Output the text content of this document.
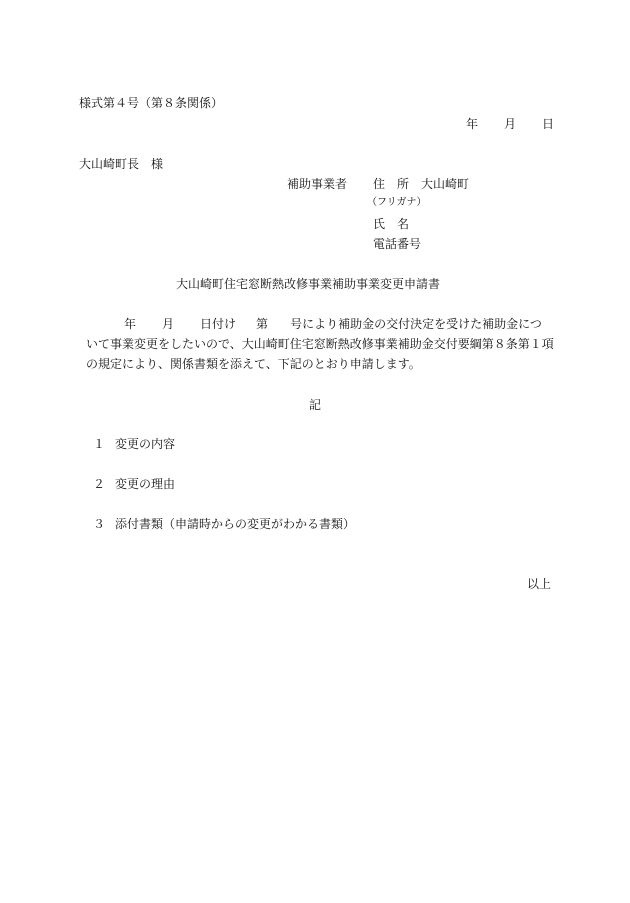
様式第４号（第８条関係）
年 月 日
大山崎町長　様
補助事業者 住　所 大山崎町
（フリガナ）
氏　名
電話番号
大山崎町住宅窓断熱改修事業補助事業変更申請書
年 月 日付け 第 号により補助金の交付決定を受けた補助金につ
いて事業変更をしたいので、大山崎町住宅窓断熱改修事業補助金交付要綱第８条第１項
の規定により、関係書類を添えて、下記のとおり申請します。
記
１ 変更の内容
２ 変更の理由
３ 添付書類（申請時からの変更がわかる書類）
以上
